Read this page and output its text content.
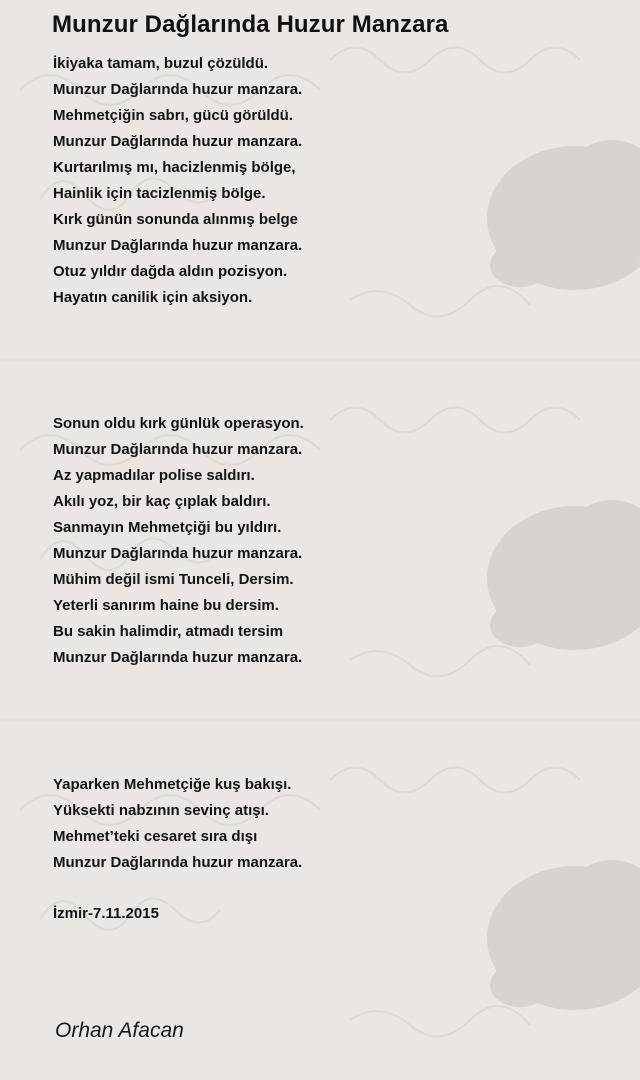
Munzur Dağlarında Huzur Manzara
İkiyaka tamam, buzul çözüldü.
Munzur Dağlarında huzur manzara.
Mehmetçiğin sabrı, gücü görüldü.
Munzur Dağlarında huzur manzara.
Kurtarılmış mı, hacizlenmiş bölge,
Hainlik için tacizlenmiş bölge.
Kırk günün sonunda alınmış belge
Munzur Dağlarında huzur manzara.
Otuz yıldır dağda aldın pozisyon.
Hayatın canilik için aksiyon.
Sonun oldu kırk günlük operasyon.
Munzur Dağlarında huzur manzara.
Az yapmadılar polise saldırı.
Akılı yoz, bir kaç çıplak baldırı.
Sanmayın Mehmetçiği bu yıldırı.
Munzur Dağlarında huzur manzara.
Mühim değil ismi Tunceli, Dersim.
Yeterli sanırım haine bu dersim.
Bu sakin halimdir, atmadı tersim
Munzur Dağlarında huzur manzara.
Yaparken Mehmetçiğe kuş bakışı.
Yüksekti nabzının sevinç atışı.
Mehmet’teki cesaret sıra dışı
Munzur Dağlarında huzur manzara.
İzmir-7.11.2015
Orhan Afacan
